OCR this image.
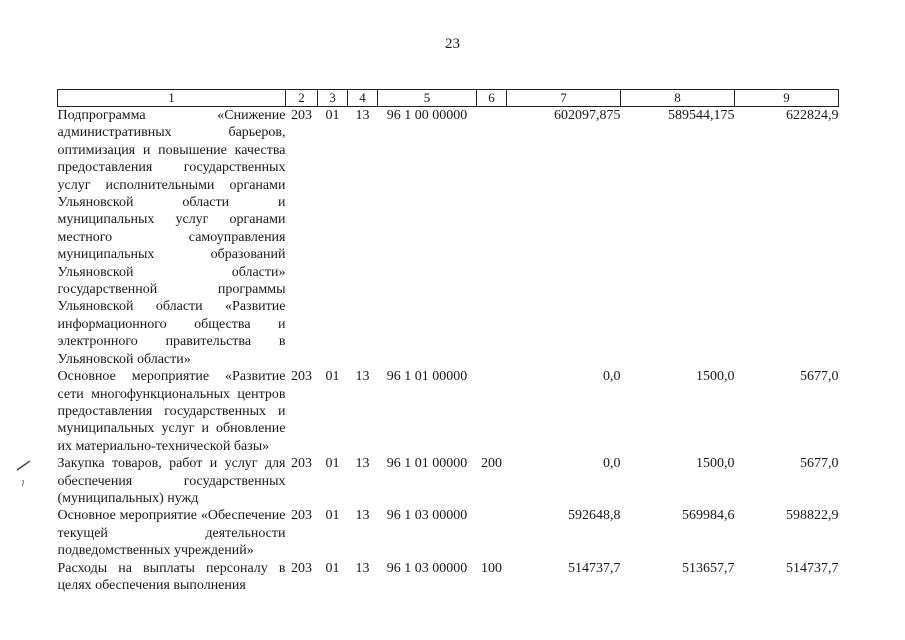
23
1	2	3	4	5	6	7	8	9
Подпрограмма «Снижение административных барьеров, оптимизация и повышение качества предоставления государственных услуг исполнительными органами Ульяновской области и муниципальных услуг органами местного самоуправления муниципальных образований Ульяновской области» государственной программы Ульяновской области «Развитие информационного общества и электронного правительства в Ульяновской области»	203	01	13	96 1 00 00000		602097,875	589544,175	622824,9
Основное мероприятие «Развитие сети многофункциональных центров предоставления государственных и муниципальных услуг и обновление их материально-технической базы»	203	01	13	96 1 01 00000		0,0	1500,0	5677,0
Закупка товаров, работ и услуг для обеспечения государственных (муниципальных) нужд	203	01	13	96 1 01 00000	200	0,0	1500,0	5677,0
Основное мероприятие «Обеспечение текущей деятельности подведомственных учреждений»	203	01	13	96 1 03 00000		592648,8	569984,6	598822,9
Расходы на выплаты персоналу в целях обеспечения выполнения	203	01	13	96 1 03 00000	100	514737,7	513657,7	514737,7
